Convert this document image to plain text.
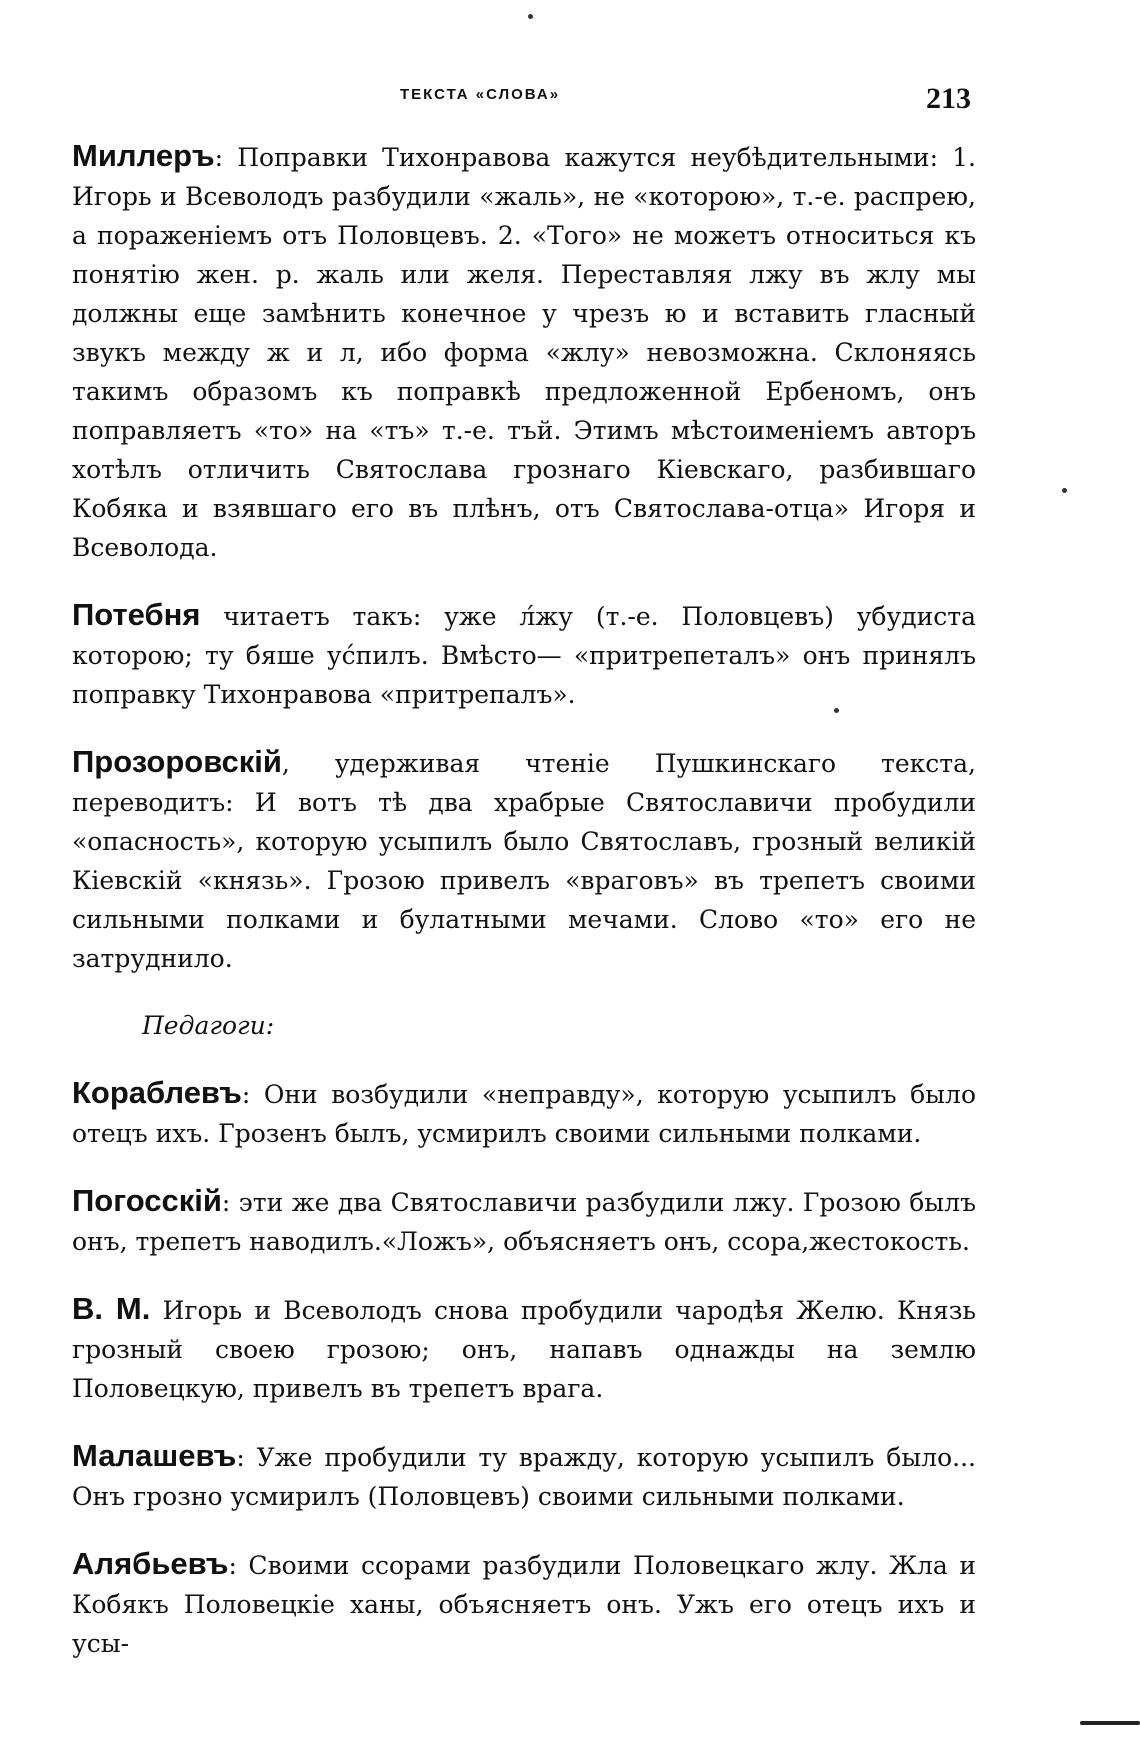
ТЕКСТА «СЛОВА»	213

Миллеръ: Поправки Тихонравова кажутся неубѣдительными: 1. Игорь и Всеволодъ разбудили «жаль», не «которою», т.-е. распрею, а пораженіемъ отъ Половцевъ. 2. «Того» не можетъ относиться къ понятію жен. р. жаль или желя. Переставляя лжу въ жлу мы должны еще замѣнить конечное у чрезъ ю и вставить гласный звукъ между ж и л, ибо форма «жлу» невозможна. Склоняясь такимъ образомъ къ поправкѣ предложенной Ербеномъ, онъ поправляетъ «то» на «тъ» т.-е. тъй. Этимъ мѣстоименіемъ авторъ хотѣлъ отличить Святослава грознаго Кіевскаго, разбившаго Кобяка и взявшаго его въ плѣнъ, отъ Святослава-отца» Игоря и Всеволода.

Потебня читаетъ такъ: уже л́жу (т.-е. Половцевъ) убудиста которою; ту бяше ус́пилъ. Вмѣсто— «притрепеталъ» онъ принялъ поправку Тихонравова «притрепалъ».

Прозоровскій, удерживая чтеніе Пушкинскаго текста, переводитъ: И вотъ тѣ два храбрые Святославичи пробудили «опасность», которую усыпилъ было Святославъ, грозный великій Кіевскій «князь». Грозою привелъ «враговъ» въ трепетъ своими сильными полками и булатными мечами. Слово «то» его не затруднило.

Педагоги:

Кораблевъ: Они возбудили «неправду», которую усыпилъ было отецъ ихъ. Грозенъ былъ, усмирилъ своими сильными полками.

Погосскій: эти же два Святославичи разбудили лжу. Грозою былъ онъ, трепетъ наводилъ.«Ложъ», объясняетъ онъ, ссора,жестокость.

В. М. Игорь и Всеволодъ снова пробудили чародѣя Желю. Князь грозный своею грозою; онъ, напавъ однажды на землю Половецкую, привелъ въ трепетъ врага.

Малашевъ: Уже пробудили ту вражду, которую усыпилъ было... Онъ грозно усмирилъ (Половцевъ) своими сильными полками.

Алябьевъ: Своими ссорами разбудили Половецкаго жлу. Жла и Кобякъ Половецкіе ханы, объясняетъ онъ. Ужъ его отецъ ихъ и усы-
